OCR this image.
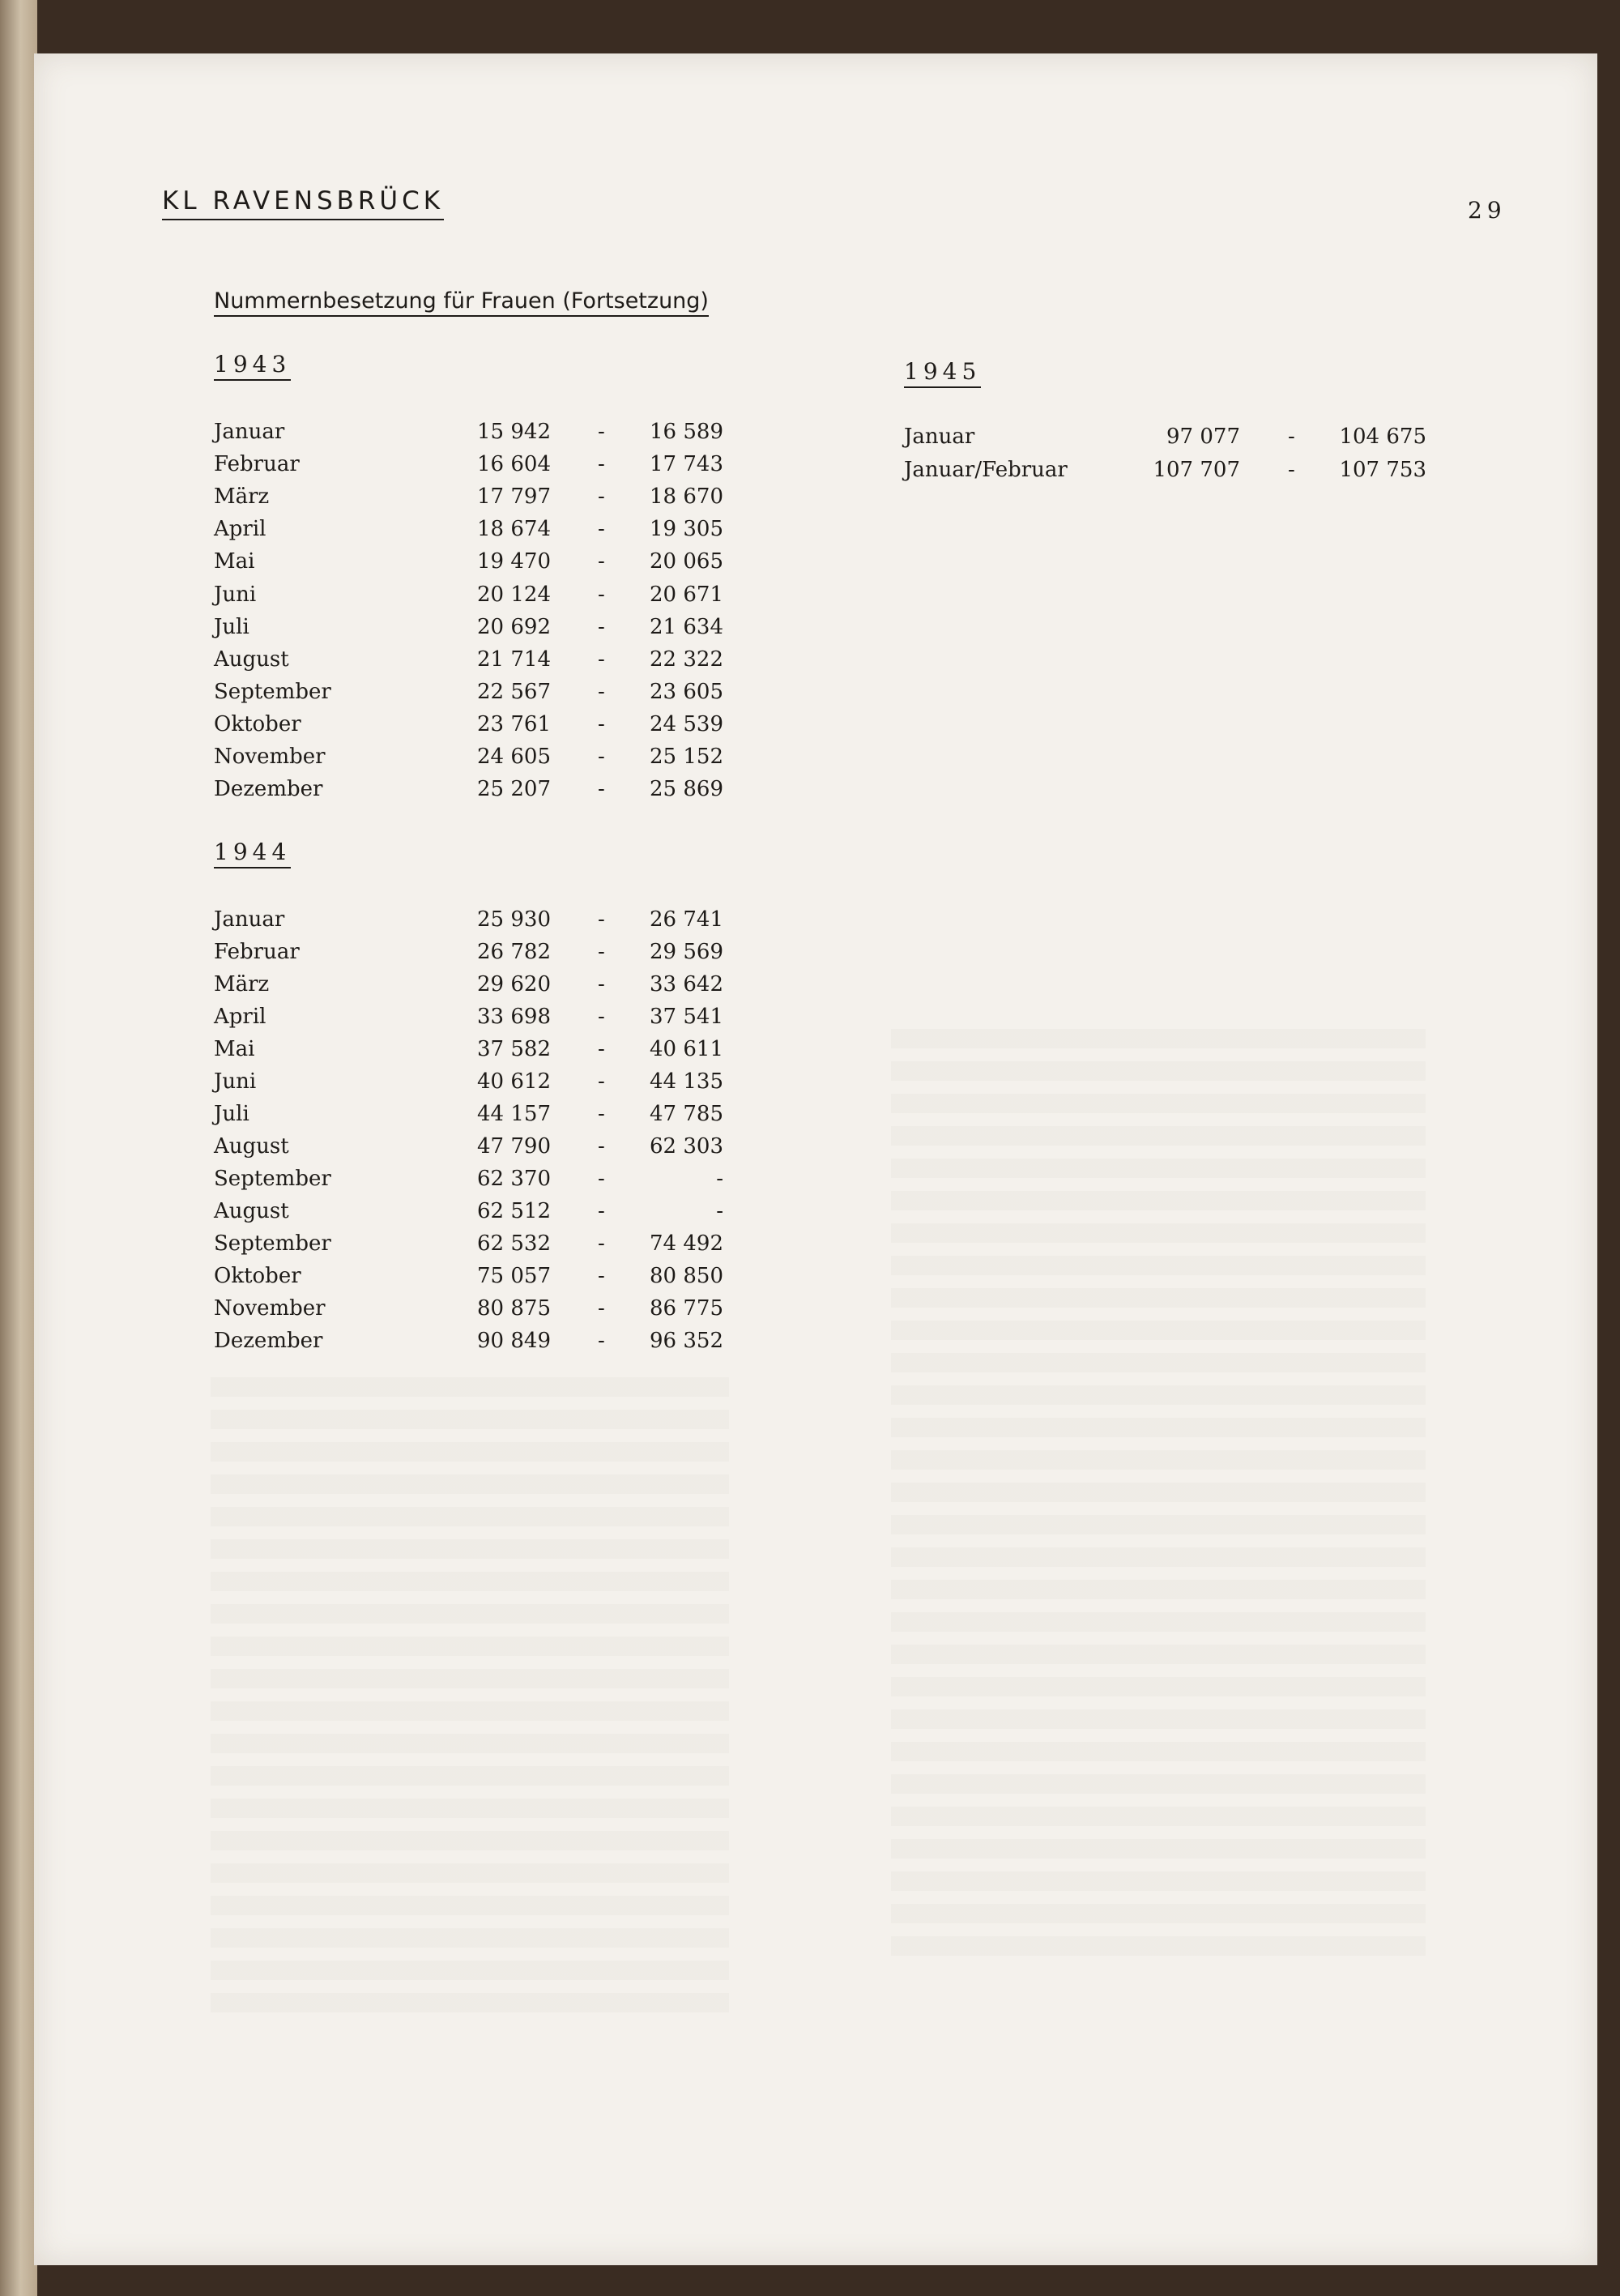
KL RAVENSBRÜCK	29
Nummernbesetzung für Frauen (Fortsetzung)
1943
1944
1945
Januar	15 942 - 16 589
Februar	16 604 - 17 743
März	17 797 - 18 670
April	18 674 - 19 305
Mai	19 470 - 20 065
Juni	20 124 - 20 671
Juli	20 692 - 21 634
August	21 714 - 22 322
September	22 567 - 23 605
Oktober	23 761 - 24 539
November	24 605 - 25 152
Dezember	25 207 - 25 869
Januar	25 930 - 26 741
Februar	26 782 - 29 569
März	29 620 - 33 642
April	33 698 - 37 541
Mai	37 582 - 40 611
Juni	40 612 - 44 135
Juli	44 157 - 47 785
August	47 790 - 62 303
September	62 370 -	-
August	62 512 -	-
September	62 532 - 74 492
Oktober	75 057 - 80 850
November	80 875 - 86 775
Dezember	90 849 - 96 352
Januar	97 077 - 104 675
Januar/Februar	107 707 - 107 753
